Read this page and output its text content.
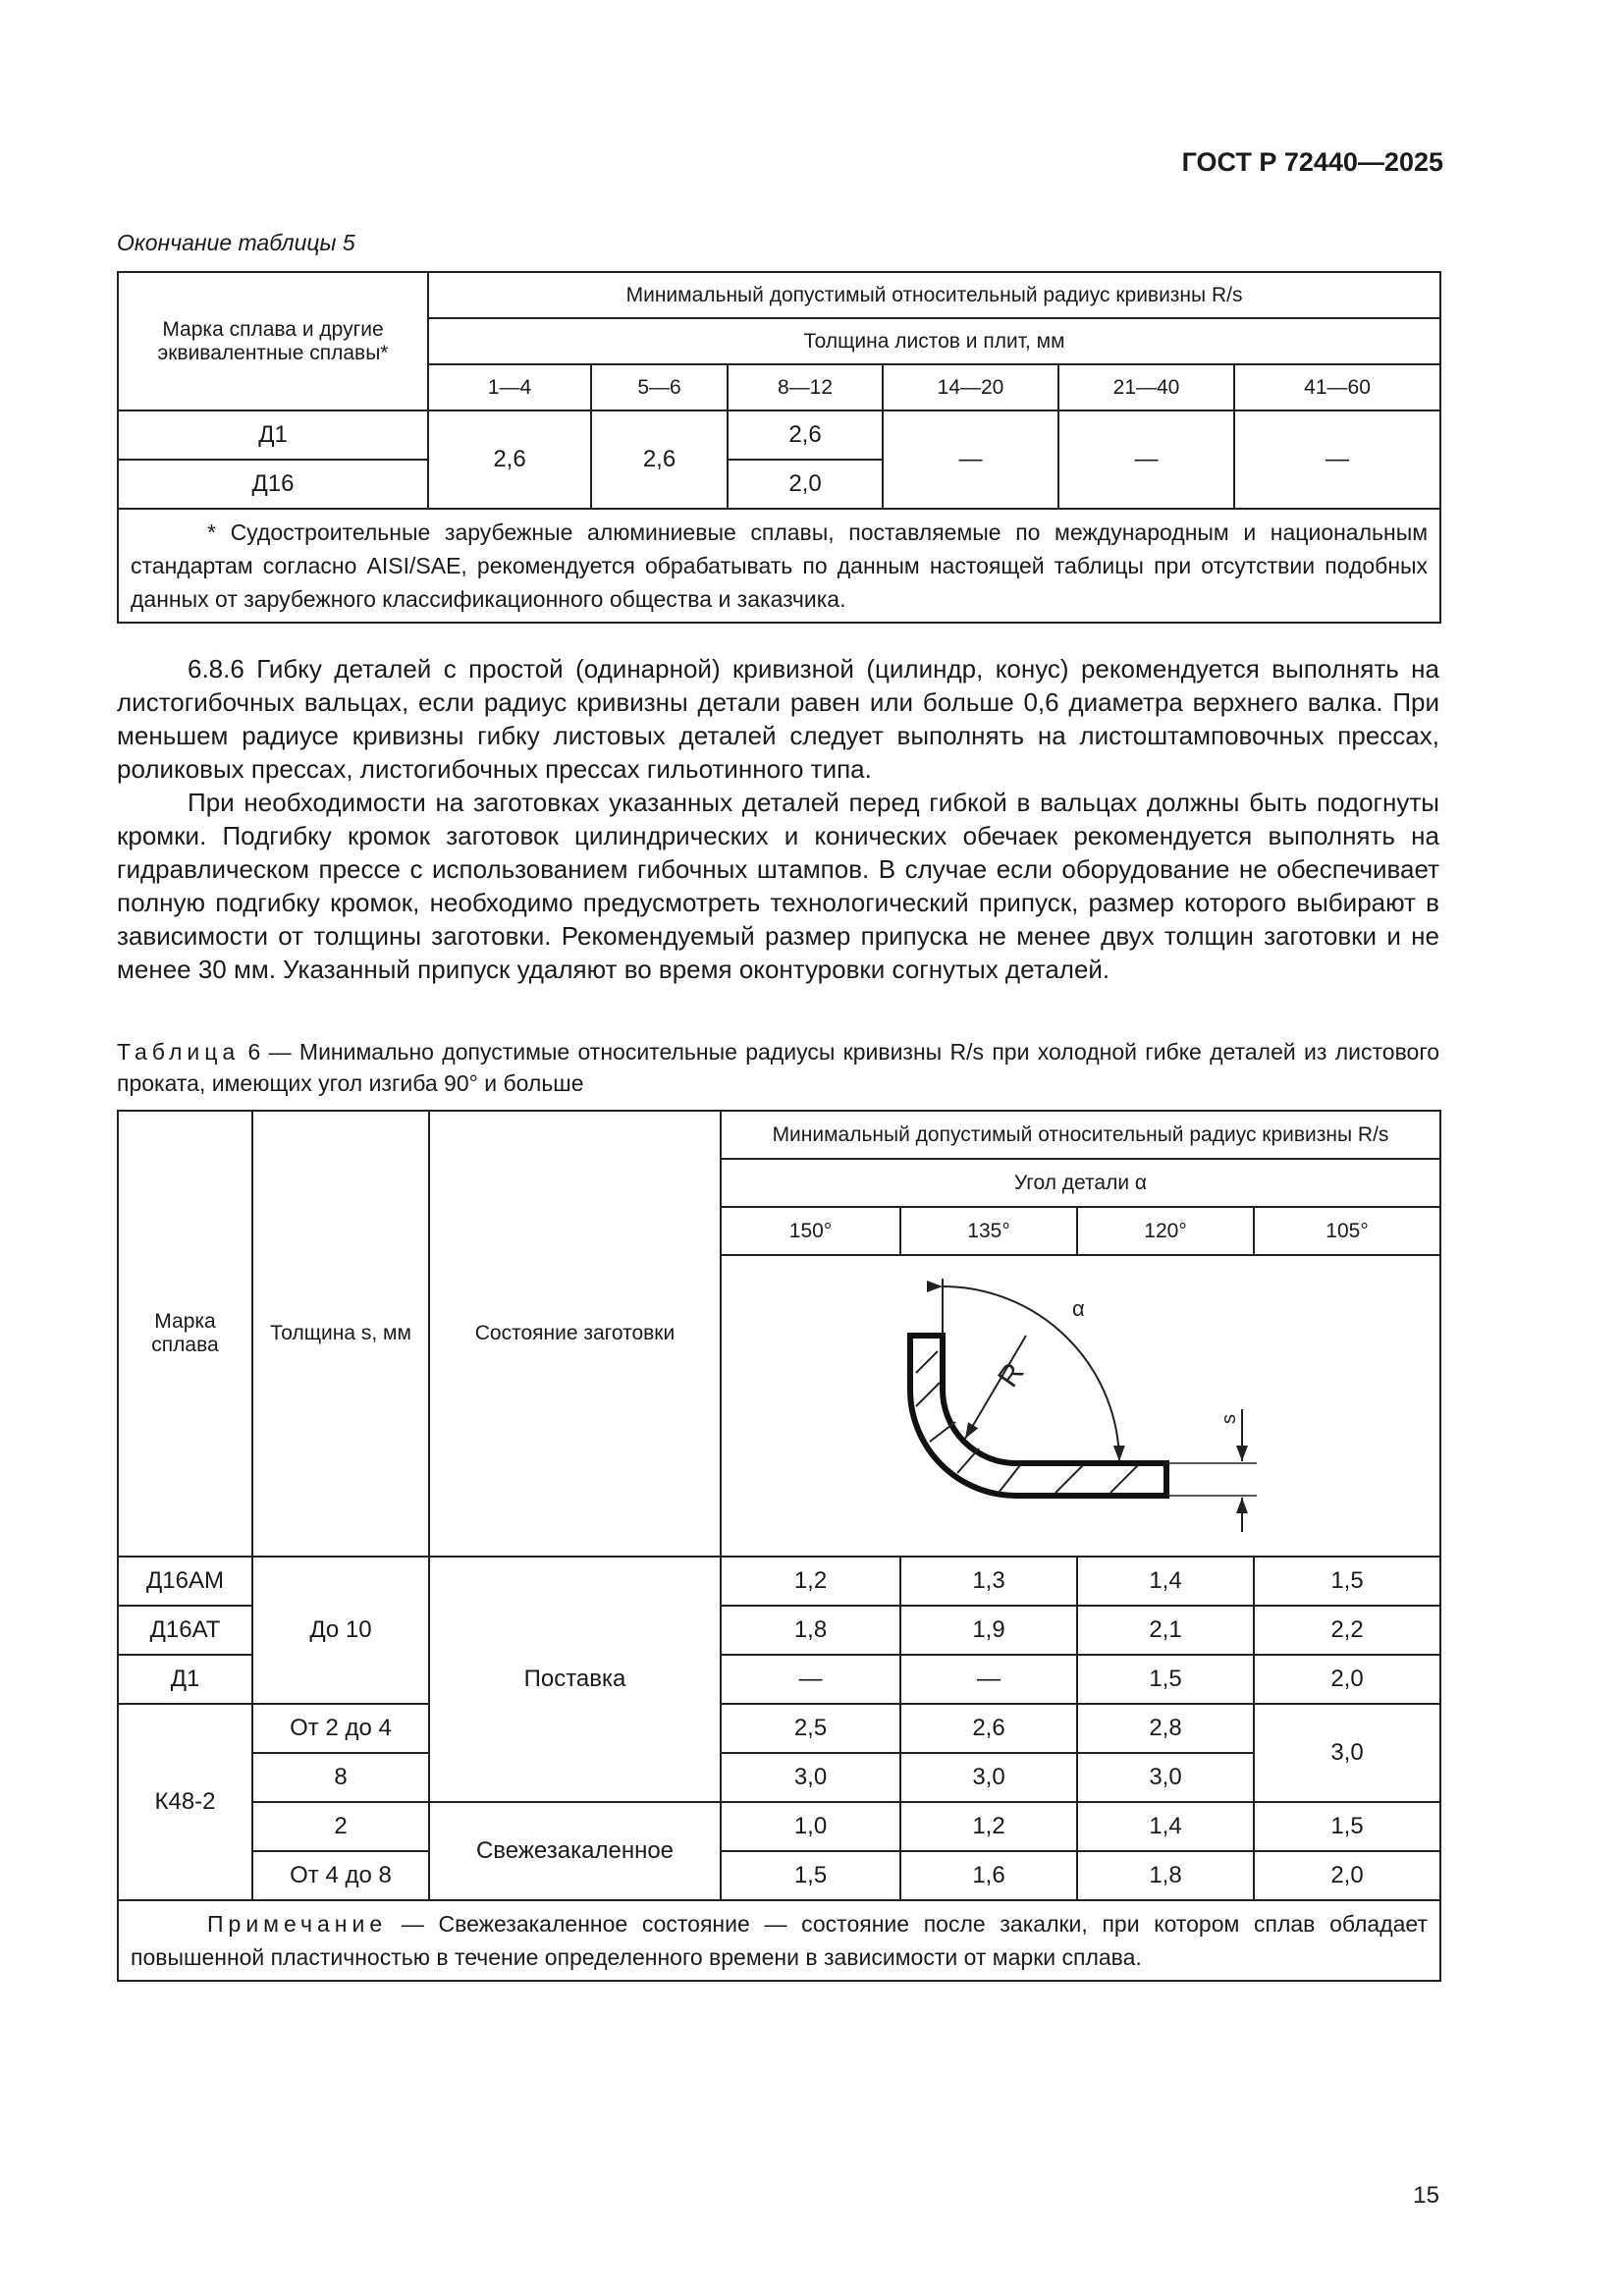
ГОСТ Р 72440—2025
Окончание таблицы 5
Марка сплава и другие эквивалентные сплавы*	Минимальный допустимый относительный радиус кривизны R/s					
	Толщина листов и плит, мм					
	1—4	5—6	8—12	14—20	21—40	41—60
Д1	2,6	2,6	2,6	—	—	—
Д16			2,0			
* Судостроительные зарубежные алюминиевые сплавы, поставляемые по международным и национальным стандартам согласно AISI/SAE, рекомендуется обрабатывать по данным настоящей таблицы при отсутствии подобных данных от зарубежного классификационного общества и заказчика.						

6.8.6 Гибку деталей с простой (одинарной) кривизной (цилиндр, конус) рекомендуется выполнять на листогибочных вальцах, если радиус кривизны детали равен или больше 0,6 диаметра верхнего валка. При меньшем радиусе кривизны гибку листовых деталей следует выполнять на листоштамповочных прессах, роликовых прессах, листогибочных прессах гильотинного типа.

При необходимости на заготовках указанных деталей перед гибкой в вальцах должны быть подогнуты кромки. Подгибку кромок заготовок цилиндрических и конических обечаек рекомендуется выполнять на гидравлическом прессе с использованием гибочных штампов. В случае если оборудование не обеспечивает полную подгибку кромок, необходимо предусмотреть технологический припуск, размер которого выбирают в зависимости от толщины заготовки. Рекомендуемый размер припуска не менее двух толщин заготовки и не менее 30 мм. Указанный припуск удаляют во время оконтуровки согнутых деталей.

Таблица 6 — Минимально допустимые относительные радиусы кривизны R/s при холодной гибке деталей из листового проката, имеющих угол изгиба 90° и больше
Марка сплава	Толщина s, мм	Состояние заготовки	Минимальный допустимый относительный радиус кривизны R/s			
			Угол детали α			
			150°	135°	120°	105°

R
α
s			

Д16АМ	До 10	Поставка	1,2	1,3	1,4	1,5
Д16АТ			1,8	1,9	2,1	2,2
Д1			—	—	1,5	2,0
К48-2	От 2 до 4		2,5	2,6	2,8	3,0
	8		3,0	3,0	3,0	
	2	Свежезакаленное	1,0	1,2	1,4	1,5
	От 4 до 8		1,5	1,6	1,8	2,0
Примечание — Свежезакаленное состояние — состояние после закалки, при котором сплав обладает повышенной пластичностью в течение определенного времени в зависимости от марки сплава.						
15
